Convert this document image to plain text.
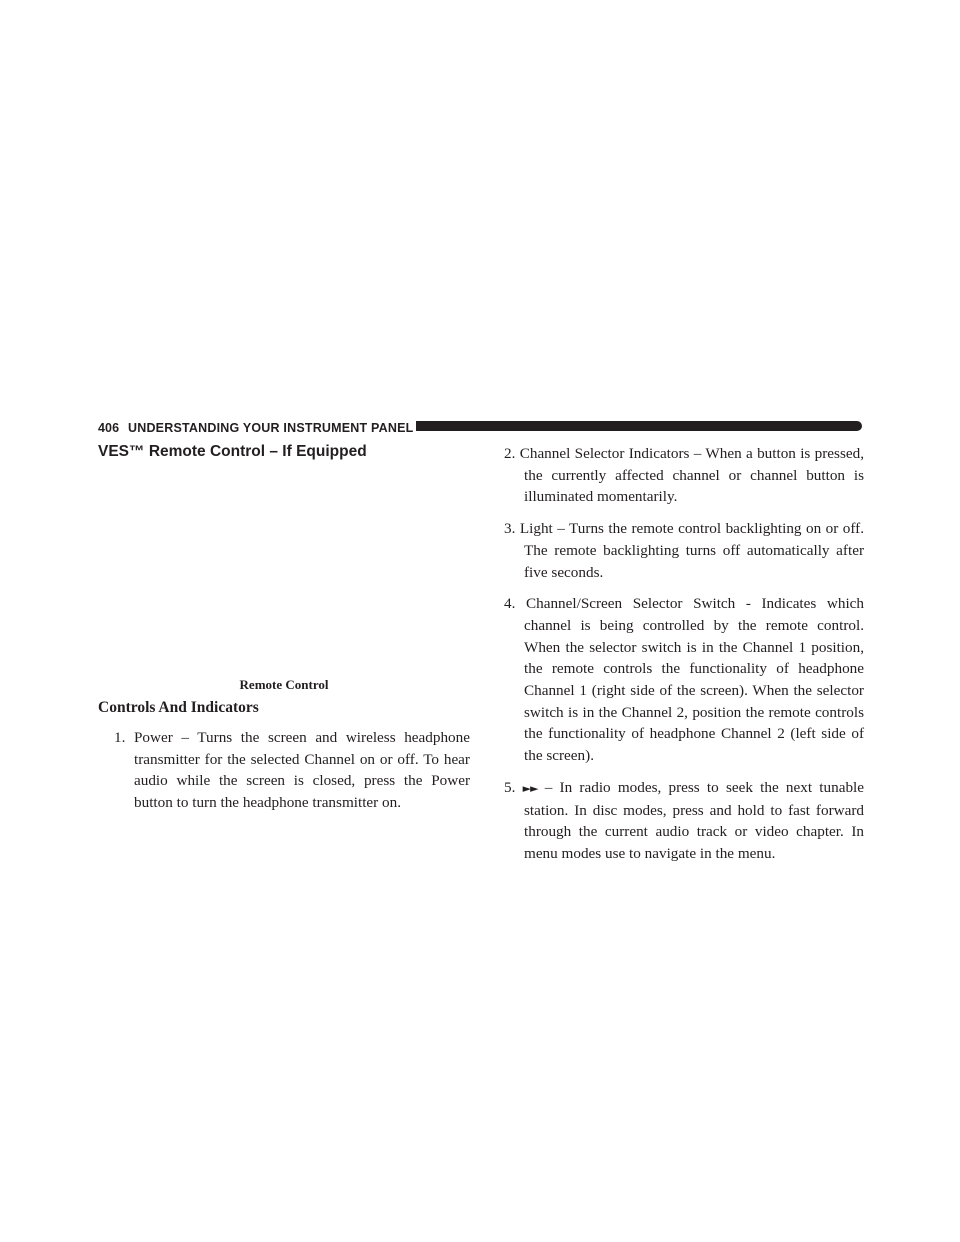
406 UNDERSTANDING YOUR INSTRUMENT PANEL
VES™ Remote Control – If Equipped
Remote Control
Controls And Indicators

1. Power – Turns the screen and wireless headphone transmitter for the selected Channel on or off. To hear audio while the screen is closed, press the Power button to turn the headphone transmitter on.

2. Channel Selector Indicators – When a button is pressed, the currently affected channel or channel button is illuminated momentarily.

3. Light – Turns the remote control backlighting on or off. The remote backlighting turns off automatically after five seconds.

4. Channel/Screen Selector Switch - Indicates which channel is being controlled by the remote control. When the selector switch is in the Channel 1 position, the remote controls the functionality of headphone Channel 1 (right side of the screen). When the selector switch is in the Channel 2, position the remote controls the functionality of headphone Channel 2 (left side of the screen).

5. ►► – In radio modes, press to seek the next tunable station. In disc modes, press and hold to fast forward through the current audio track or video chapter. In menu modes use to navigate in the menu.
